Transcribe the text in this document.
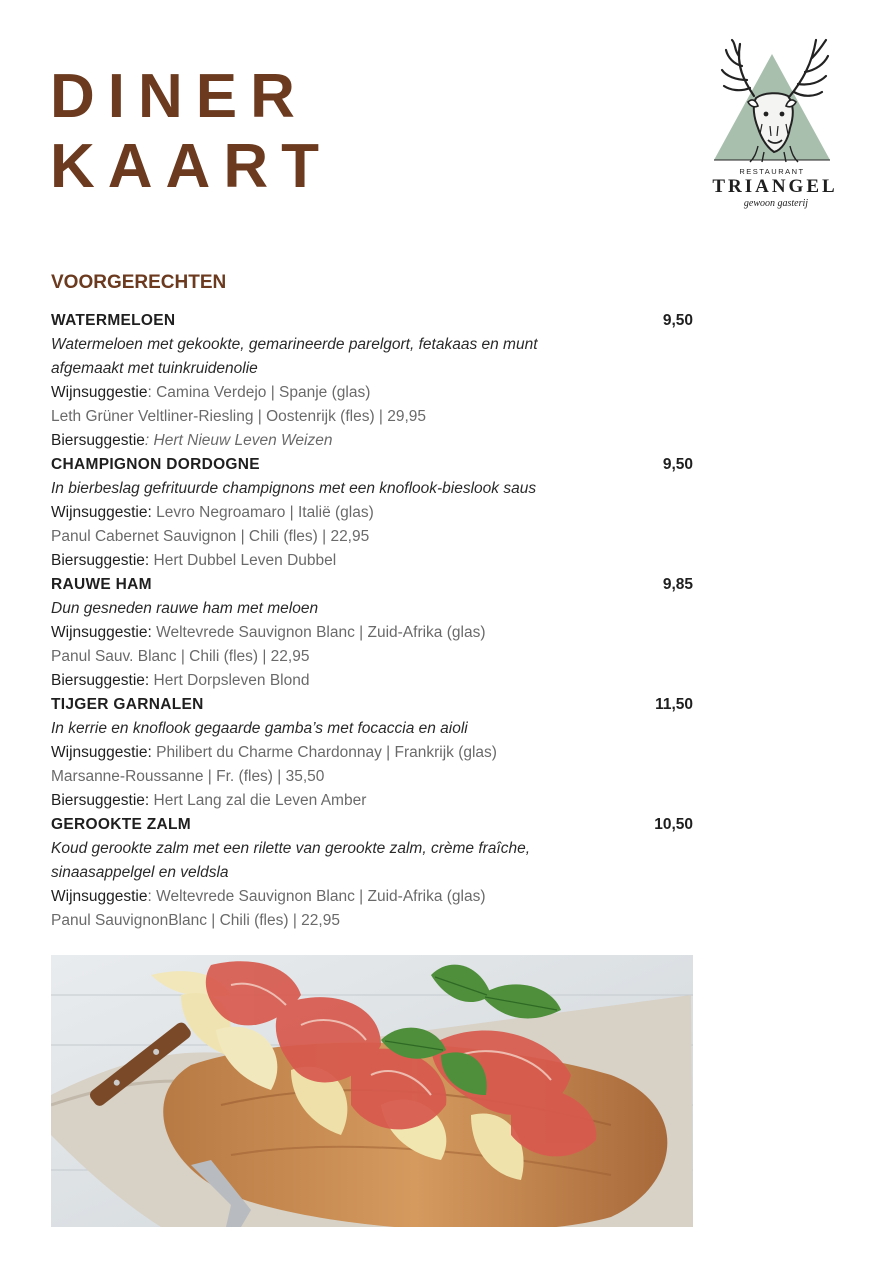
DINER
KAART	RESTAURANT
TRIANGEL
gewoon gasterij
VOORGERECHTEN
WATERMELOEN	9,50
Watermeloen met gekookte, gemarineerde parelgort, fetakaas en munt
afgemaakt met tuinkruidenolie
Wijnsuggestie: Camina Verdejo | Spanje (glas)
Leth Grüner Veltliner-Riesling | Oostenrijk (fles) | 29,95
Biersuggestie: Hert Nieuw Leven Weizen
CHAMPIGNON DORDOGNE	9,50
In bierbeslag gefrituurde champignons met een knoflook-bieslook saus
Wijnsuggestie: Levro Negroamaro | Italië (glas)
Panul Cabernet Sauvignon | Chili (fles) | 22,95
Biersuggestie: Hert Dubbel Leven Dubbel
RAUWE HAM	9,85
Dun gesneden rauwe ham met meloen
Wijnsuggestie: Weltevrede Sauvignon Blanc | Zuid-Afrika (glas)
Panul Sauv. Blanc | Chili (fles) | 22,95
Biersuggestie: Hert Dorpsleven Blond
TIJGER GARNALEN	11,50
In kerrie en knoflook gegaarde gamba’s met focaccia en aioli
Wijnsuggestie: Philibert du Charme Chardonnay | Frankrijk (glas)
Marsanne-Roussanne | Fr. (fles) | 35,50
Biersuggestie: Hert Lang zal die Leven Amber
GEROOKTE ZALM	10,50
Koud gerookte zalm met een rilette van gerookte zalm, crème fraîche,
sinaasappelgel en veldsla
Wijnsuggestie: Weltevrede Sauvignon Blanc | Zuid-Afrika (glas)
Panul SauvignonBlanc | Chili (fles) | 22,95
